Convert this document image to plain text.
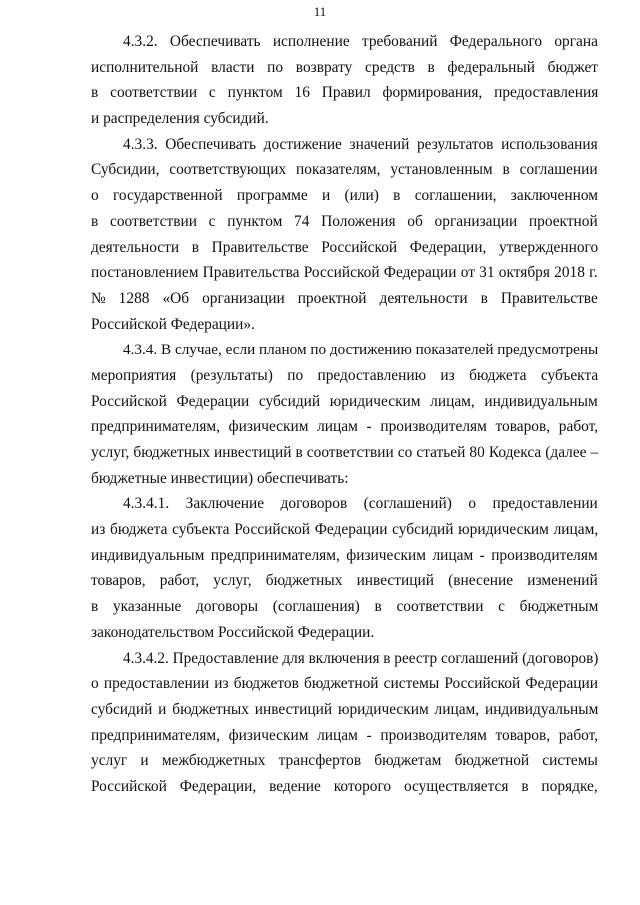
11
4.3.2. Обеспечивать исполнение требований Федерального органа
исполнительной власти по возврату средств в федеральный бюджет
в соответствии с пунктом 16 Правил формирования, предоставления
и распределения субсидий.
4.3.3. Обеспечивать достижение значений результатов использования
Субсидии, соответствующих показателям, установленным в соглашении
о государственной программе и (или) в соглашении, заключенном
в соответствии с пунктом 74 Положения об организации проектной
деятельности в Правительстве Российской Федерации, утвержденного
постановлением Правительства Российской Федерации от 31 октября 2018 г.
№ 1288 «Об организации проектной деятельности в Правительстве
Российской Федерации».
4.3.4. В случае, если планом по достижению показателей предусмотрены
мероприятия (результаты) по предоставлению из бюджета субъекта
Российской Федерации субсидий юридическим лицам, индивидуальным
предпринимателям, физическим лицам - производителям товаров, работ,
услуг, бюджетных инвестиций в соответствии со статьей 80 Кодекса (далее –
бюджетные инвестиции) обеспечивать:
4.3.4.1. Заключение договоров (соглашений) о предоставлении
из бюджета субъекта Российской Федерации субсидий юридическим лицам,
индивидуальным предпринимателям, физическим лицам - производителям
товаров, работ, услуг, бюджетных инвестиций (внесение изменений
в указанные договоры (соглашения) в соответствии с бюджетным
законодательством Российской Федерации.
4.3.4.2. Предоставление для включения в реестр соглашений (договоров)
о предоставлении из бюджетов бюджетной системы Российской Федерации
субсидий и бюджетных инвестиций юридическим лицам, индивидуальным
предпринимателям, физическим лицам - производителям товаров, работ,
услуг и межбюджетных трансфертов бюджетам бюджетной системы
Российской Федерации, ведение которого осуществляется в порядке,
